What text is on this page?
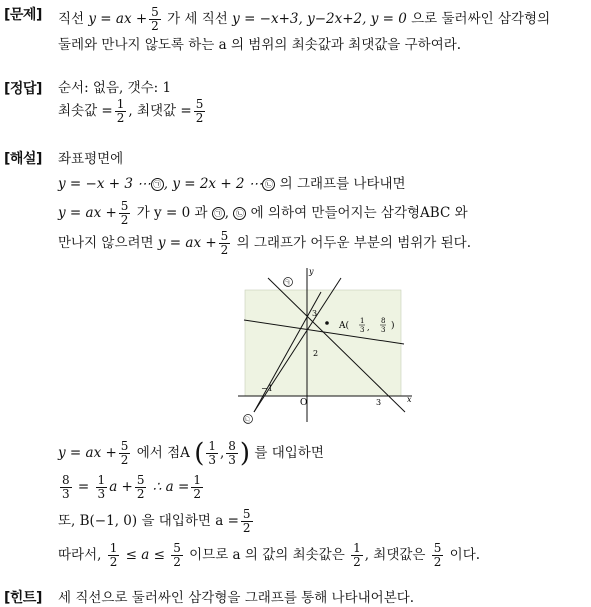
[문제] 직선 y = ax + $\frac{5}{2}$ 가 세 직선 y = −x+3, y−2x+2, y = 0 으로 둘러싸인 삼각형의
둘레와 만나지 않도록 하는 a 의 범위의 최솟값과 최댓값을 구하여라.
[정답] 순서: 없음, 갯수: 1
최솟값 = $\frac{1}{2}$ , 최댓값 = $\frac{5}{2}$
[해설] 좌표평면에
y = −x + 3 ⋯ ㉠ , y = 2x + 2 ⋯ ㉡ 의 그래프를 나타내면
y = ax + $\frac{5}{2}$ 가 y = 0 과 ㉠ , ㉡ 에 의하여 만들어지는 삼각형ABC 와
만나지 않으려면 y = ax + $\frac{5}{2}$ 의 그래프가 어두운 부분의 범위가 된다.
y
x
O
−1
3
3
2
A( 1
3 ,
8
3 )
㉠
㉡
y = ax + $\frac{5}{2}$ 에서 점A ( $\frac{1}{3}$ , $\frac{8}{3}$ ) 를 대입하면
$\frac{8}{3} = \frac{1}{3}$ $a + \frac{5}{2}$ ∴ $a = \frac{1}{2}$
또, B(−1, 0) 을 대입하면 $a = \frac{5}{2}$
따라서, $\frac{1}{2} \le a \le \frac{5}{2}$ 이므로 a 의 값의 최솟값은 $\frac{1}{2}$ , 최댓값은 $\frac{5}{2}$ 이다.
[힌트] 세 직선으로 둘러싸인 삼각형을 그래프를 통해 나타내어본다.
